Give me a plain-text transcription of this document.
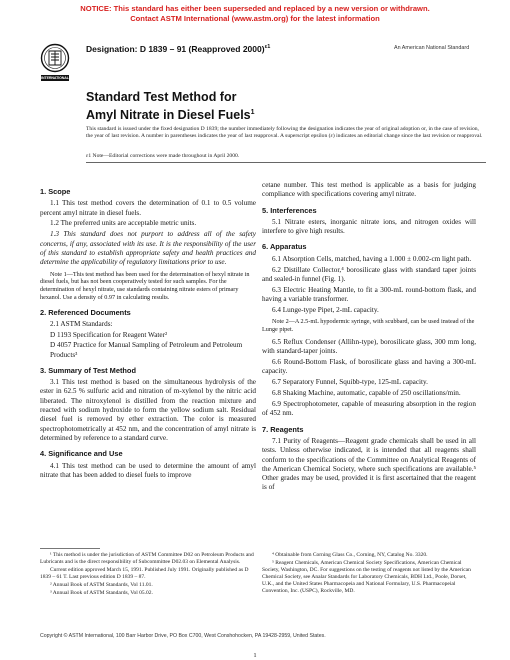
NOTICE: This standard has either been superseded and replaced by a new version or withdrawn.
Contact ASTM International (www.astm.org) for the latest information
INTERNATIONAL
Designation: D 1839 – 91 (Reapproved 2000)$^{\varepsilon 1}$	An American National Standard
Standard Test Method for
Amyl Nitrate in Diesel Fuels$^1$
This standard is issued under the fixed designation D 1839; the number immediately following the designation indicates the year of original adoption or, in the case of revision, the year of last revision. A number in parentheses indicates the year of last reapproval. A superscript epsilon (ε) indicates an editorial change since the last revision or reapproval.
ε1 Note—Editorial corrections were made throughout in April 2000.
1. Scope
1.1 This test method covers the determination of 0.1 to 0.5 volume percent amyl nitrate in diesel fuels.
1.2 The preferred units are acceptable metric units.
1.3 This standard does not purport to address all of the safety concerns, if any, associated with its use. It is the responsibility of the user of this standard to establish appropriate safety and health practices and determine the applicability of regulatory limitations prior to use.
Note 1—This test method has been used for the determination of hexyl nitrate in diesel fuels, but has not been cooperatively tested for such samples. For the determination of hexyl nitrate, use standards containing nitrate esters of primary hexanol. Use a density of 0.97 in calculating results.
2. Referenced Documents
2.1 ASTM Standards:
D 1193 Specification for Reagent Water²
D 4057 Practice for Manual Sampling of Petroleum and Petroleum Products³
3. Summary of Test Method
3.1 This test method is based on the simultaneous hydrolysis of the ester in 62.5 % sulfuric acid and nitration of m-xylenol by the nitric acid liberated. The nitroxylenol is distilled from the reaction mixture and reacted with sodium hydroxide to form the yellow sodium salt. Residual diesel fuel is removed by ether extraction. The color is measured spectrophotometrically at 452 nm, and the concentration of amyl nitrate is determined by reference to a standard curve.
4. Significance and Use
4.1 This test method can be used to determine the amount of amyl nitrate that has been added to diesel fuels to improve
cetane number. This test method is applicable as a basis for judging compliance with specifications covering amyl nitrate.
5. Interferences
5.1 Nitrate esters, inorganic nitrate ions, and nitrogen oxides will interfere to give high results.
6. Apparatus
6.1 Absorption Cells, matched, having a 1.000 ± 0.002-cm light path.
6.2 Distillate Collector,⁴ borosilicate glass with standard taper joints and sealed-in funnel (Fig. 1).
6.3 Electric Heating Mantle, to fit a 300-mL round-bottom flask, and having a variable transformer.
6.4 Lunge-type Pipet, 2-mL capacity.
Note 2—A 2.5-mL hypodermic syringe, with scubbard, can be used instead of the Lunge pipet.
6.5 Reflux Condenser (Allihn-type), borosilicate glass, 300 mm long, with standard-taper joints.
6.6 Round-Bottom Flask, of borosilicate glass and having a 300-mL capacity.
6.7 Separatory Funnel, Squibb-type, 125-mL capacity.
6.8 Shaking Machine, automatic, capable of 250 oscillations/min.
6.9 Spectrophotometer, capable of measuring absorption in the region of 452 nm.
7. Reagents
7.1 Purity of Reagents—Reagent grade chemicals shall be used in all tests. Unless otherwise indicated, it is intended that all reagents shall conform to the specifications of the Committee on Analytical Reagents of the American Chemical Society, where such specifications are available.⁵ Other grades may be used, provided it is first ascertained that the reagent is of
¹ This method is under the jurisdiction of ASTM Committee D02 on Petroleum Products and Lubricants and is the direct responsibility of Subcommittee D02.03 on Elemental Analysis.
Current edition approved March 15, 1991. Published July 1991. Originally published as D 1839 – 61 T. Last previous edition D 1839 – 87.
² Annual Book of ASTM Standards, Vol 11.01.
³ Annual Book of ASTM Standards, Vol 05.02.
⁴ Obtainable from Corning Glass Co., Corning, NY, Catalog No. 3320.
⁵ Reagent Chemicals, American Chemical Society Specifications, American Chemical Society, Washington, DC. For suggestions on the testing of reagents not listed by the American Chemical Society, see Analar Standards for Laboratory Chemicals, BDH Ltd., Poole, Dorset, U.K., and the United States Pharmacopeia and National Formulary, U.S. Pharmacopeial Convention, Inc. (USPC), Rockville, MD.
Copyright © ASTM International, 100 Barr Harbor Drive, PO Box C700, West Conshohocken, PA 19428-2959, United States.
1
